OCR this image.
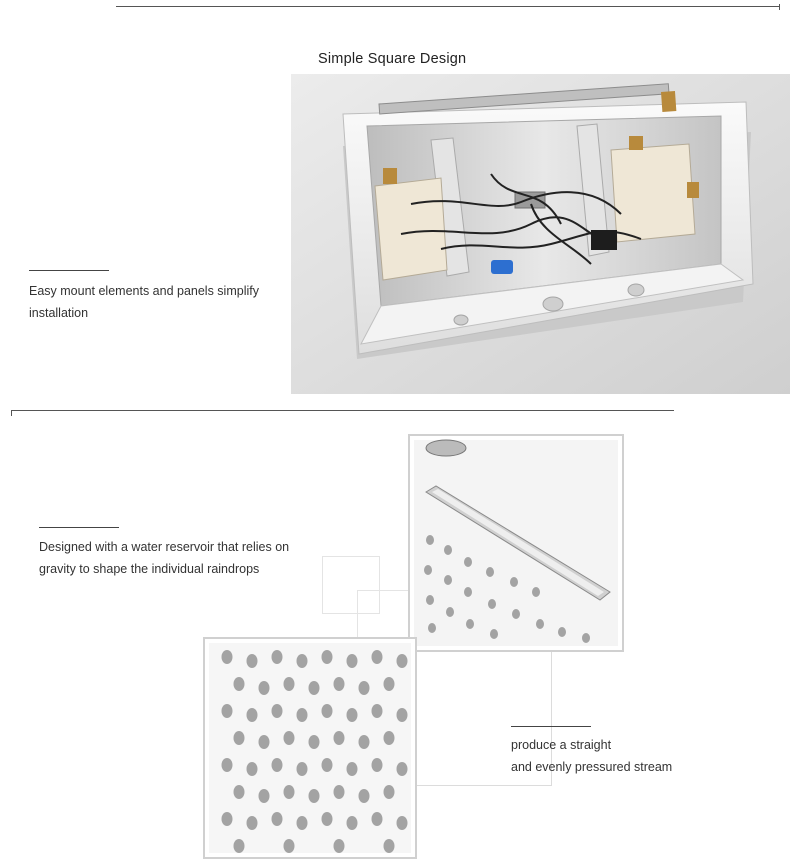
Simple Square Design
Easy mount elements and panels simplify
installation
Designed with a water reservoir that relies on
gravity to shape the individual raindrops
produce a straight
and evenly pressured stream
